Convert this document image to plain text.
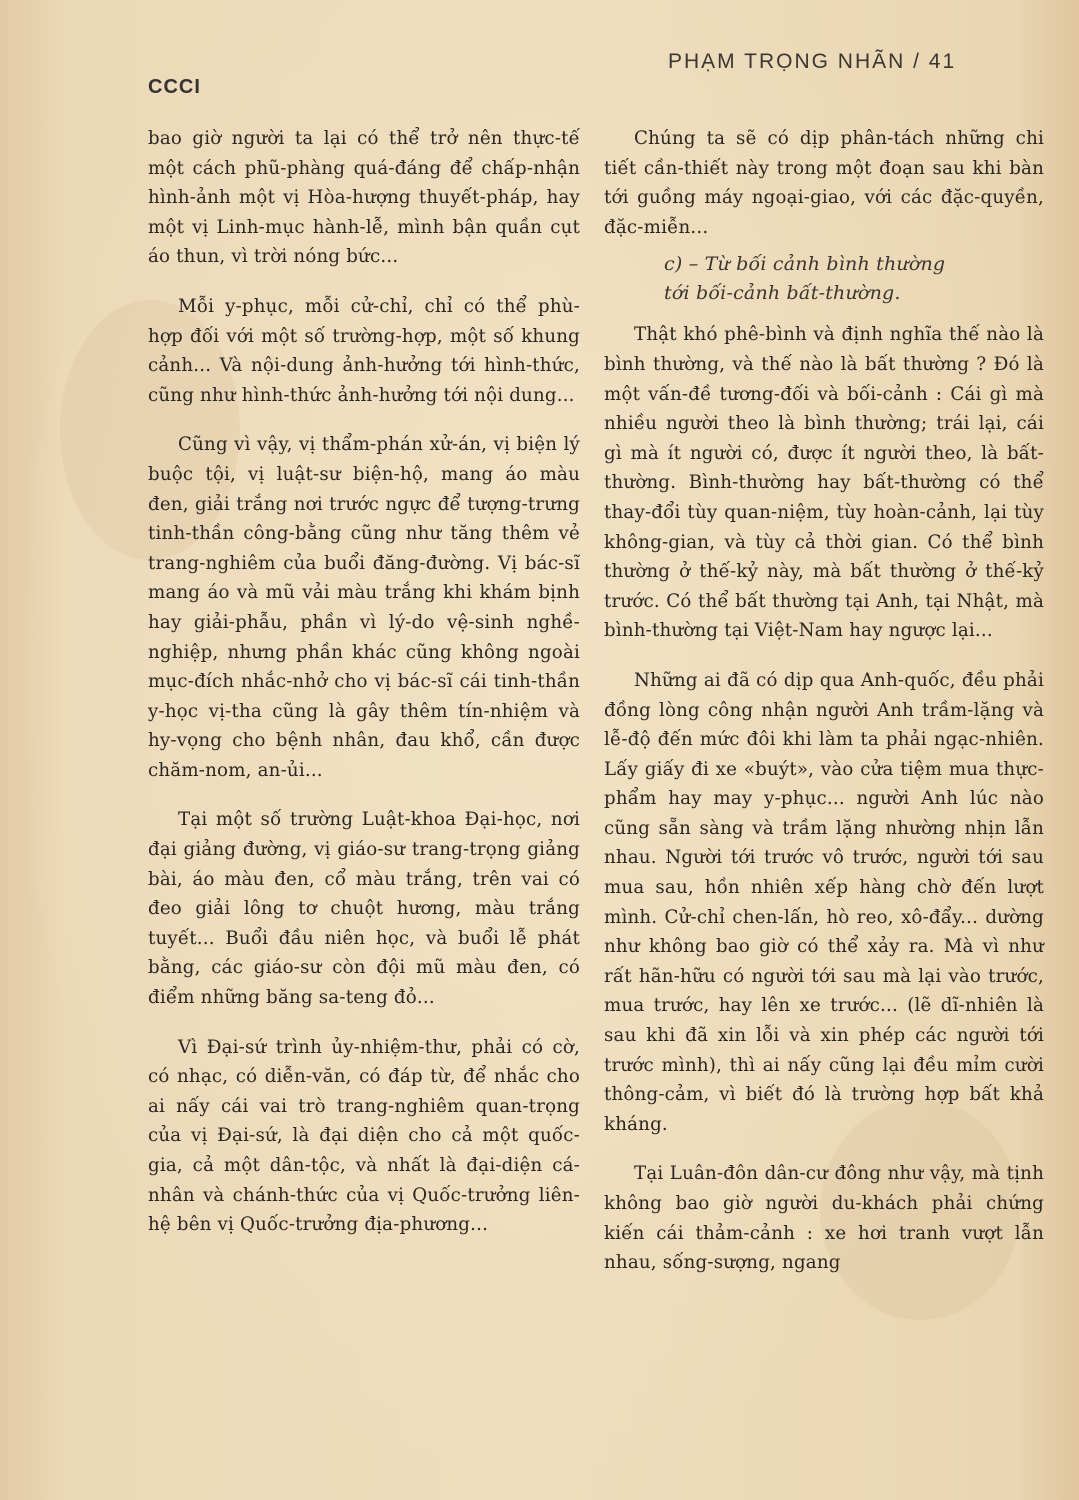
CCCI
PHẠM TRỌNG NHÃN / 41

bao giờ người ta lại có thể trở nên thực-tế một cách phũ-phàng quá-đáng để chấp-nhận hình-ảnh một vị Hòa-hượng thuyết-pháp, hay một vị Linh-mục hành-lễ, mình bận quần cụt áo thun, vì trời nóng bức...

Mỗi y-phục, mỗi cử-chỉ, chỉ có thể phù-hợp đối với một số trường-hợp, một số khung cảnh... Và nội-dung ảnh-hưởng tới hình-thức, cũng như hình-thức ảnh-hưởng tới nội dung...

Cũng vì vậy, vị thẩm-phán xử-án, vị biện lý buộc tội, vị luật-sư biện-hộ, mang áo màu đen, giải trắng nơi trước ngực để tượng-trưng tinh-thần công-bằng cũng như tăng thêm vẻ trang-nghiêm của buổi đăng-đường. Vị bác-sĩ mang áo và mũ vải màu trắng khi khám bịnh hay giải-phẫu, phần vì lý-do vệ-sinh nghề-nghiệp, nhưng phần khác cũng không ngoài mục-đích nhắc-nhở cho vị bác-sĩ cái tinh-thần y-học vị-tha cũng là gây thêm tín-nhiệm và hy-vọng cho bệnh nhân, đau khổ, cần được chăm-nom, an-ủi...

Tại một số trường Luật-khoa Đại-học, nơi đại giảng đường, vị giáo-sư trang-trọng giảng bài, áo màu đen, cổ màu trắng, trên vai có đeo giải lông tơ chuột hương, màu trắng tuyết... Buổi đầu niên học, và buổi lễ phát bằng, các giáo-sư còn đội mũ màu đen, có điểm những băng sa-teng đỏ...

Vì Đại-sứ trình ủy-nhiệm-thư, phải có cờ, có nhạc, có diễn-văn, có đáp từ, để nhắc cho ai nấy cái vai trò trang-nghiêm quan-trọng của vị Đại-sứ, là đại diện cho cả một quốc-gia, cả một dân-tộc, và nhất là đại-diện cá-nhân và chánh-thức của vị Quốc-trưởng liên-hệ bên vị Quốc-trưởng địa-phương...

Chúng ta sẽ có dịp phân-tách những chi tiết cần-thiết này trong một đoạn sau khi bàn tới guồng máy ngoại-giao, với các đặc-quyền, đặc-miễn...

c) – Từ bối cảnh bình thường
tới bối-cảnh bất-thường.

Thật khó phê-bình và định nghĩa thế nào là bình thường, và thế nào là bất thường ? Đó là một vấn-đề tương-đối và bối-cảnh : Cái gì mà nhiều người theo là bình thường; trái lại, cái gì mà ít người có, được ít người theo, là bất-thường. Bình-thường hay bất-thường có thể thay-đổi tùy quan-niệm, tùy hoàn-cảnh, lại tùy không-gian, và tùy cả thời gian. Có thể bình thường ở thế-kỷ này, mà bất thường ở thế-kỷ trước. Có thể bất thường tại Anh, tại Nhật, mà bình-thường tại Việt-Nam hay ngược lại...

Những ai đã có dịp qua Anh-quốc, đều phải đồng lòng công nhận người Anh trầm-lặng và lễ-độ đến mức đôi khi làm ta phải ngạc-nhiên. Lấy giấy đi xe «buýt», vào cửa tiệm mua thực-phẩm hay may y-phục... người Anh lúc nào cũng sẵn sàng và trầm lặng nhường nhịn lẫn nhau. Người tới trước vô trước, người tới sau mua sau, hồn nhiên xếp hàng chờ đến lượt mình. Cử-chỉ chen-lấn, hò reo, xô-đẩy... dường như không bao giờ có thể xảy ra. Mà vì như rất hãn-hữu có người tới sau mà lại vào trước, mua trước, hay lên xe trước... (lẽ dĩ-nhiên là sau khi đã xin lỗi và xin phép các người tới trước mình), thì ai nấy cũng lại đều mỉm cười thông-cảm, vì biết đó là trường hợp bất khả kháng.

Tại Luân-đôn dân-cư đông như vậy, mà tịnh không bao giờ người du-khách phải chứng kiến cái thảm-cảnh : xe hơi tranh vượt lẫn nhau, sống-sượng, ngang
